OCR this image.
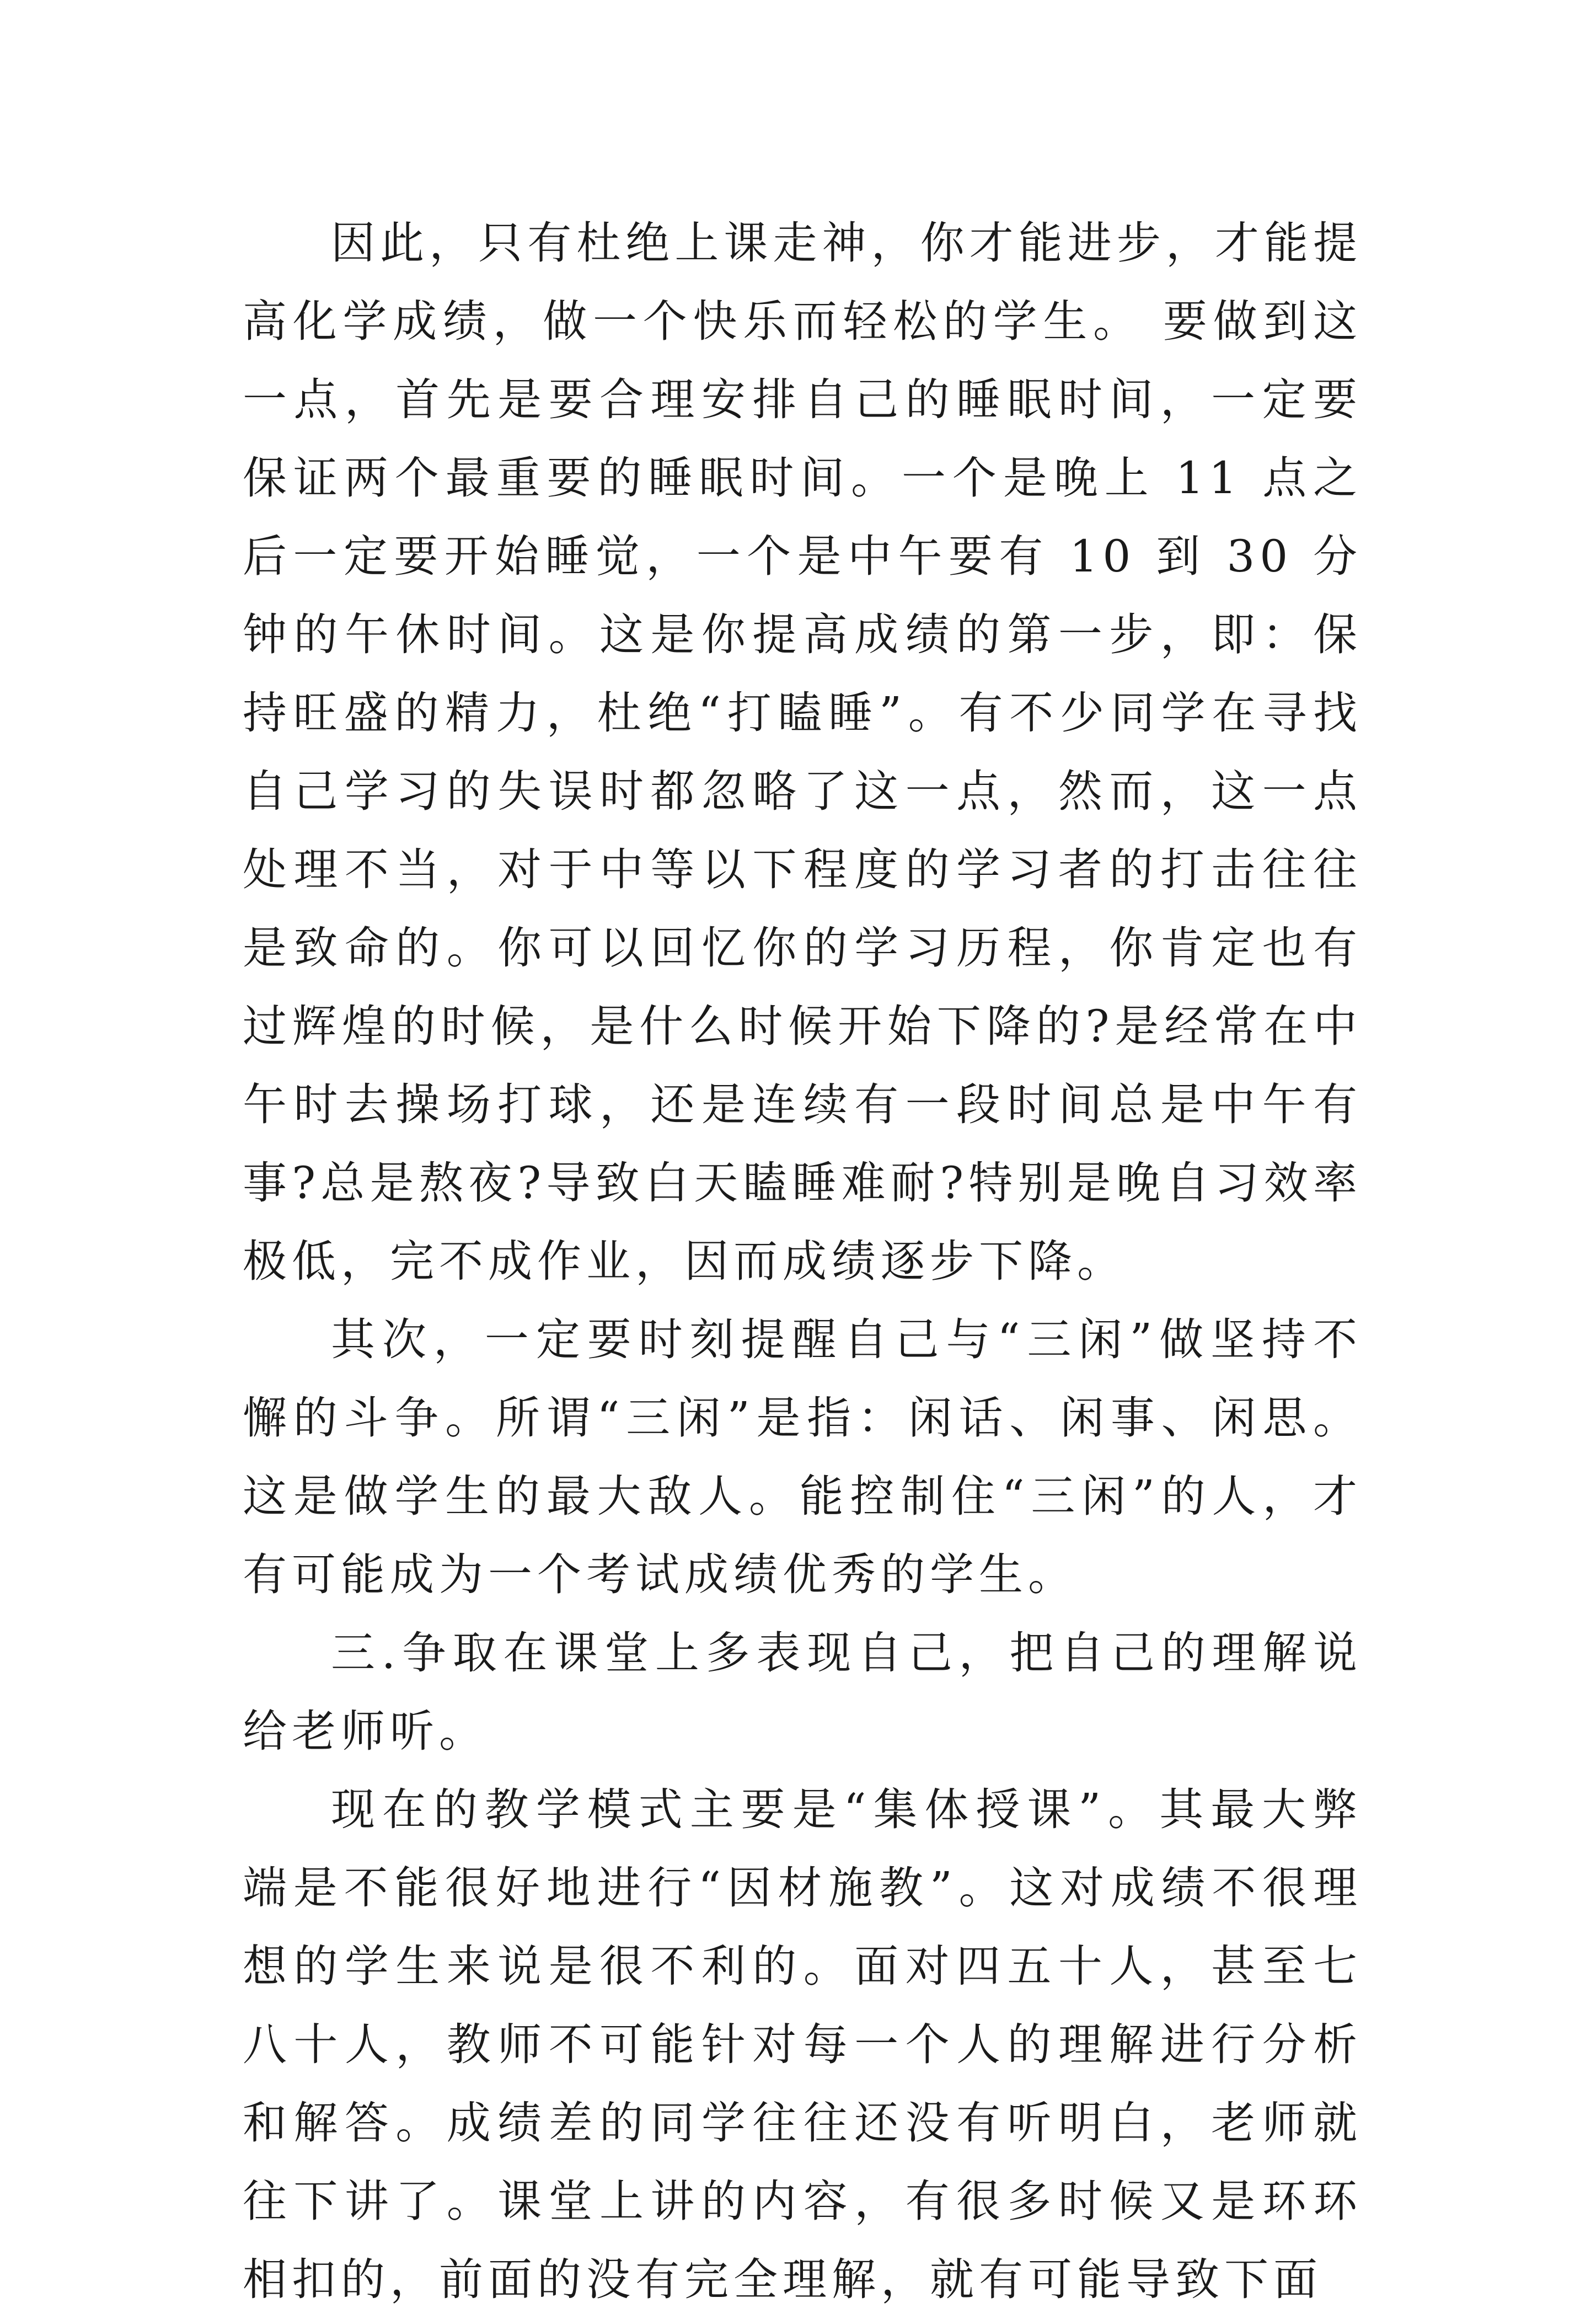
因此，只有杜绝上课走神，你才能进步，才能提高化学成绩，做一个快乐而轻松的学生。 要做到这一点，首先是要合理安排自己的睡眠时间，一定要保证两个最重要的睡眠时间。一个是晚上 11 点之后一定要开始睡觉，一个是中午要有 10 到 30 分钟的午休时间。这是你提高成绩的第一步，即：保持旺盛的精力，杜绝“打瞌睡”。有不少同学在寻找自己学习的失误时都忽略了这一点，然而，这一点处理不当，对于中等以下程度的学习者的打击往往是致命的。你可以回忆你的学习历程，你肯定也有过辉煌的时候，是什么时候开始下降的?是经常在中午时去操场打球，还是连续有一段时间总是中午有事?总是熬夜?导致白天瞌睡难耐?特别是晚自习效率极低，完不成作业，因而成绩逐步下降。

其次，一定要时刻提醒自己与“三闲”做坚持不懈的斗争。所谓“三闲”是指：闲话、闲事、闲思。这是做学生的最大敌人。能控制住“三闲”的人，才有可能成为一个考试成绩优秀的学生。

三.争取在课堂上多表现自己，把自己的理解说给老师听。

现在的教学模式主要是“集体授课”。其最大弊端是不能很好地进行“因材施教”。这对成绩不很理想的学生来说是很不利的。面对四五十人，甚至七八十人，教师不可能针对每一个人的理解进行分析和解答。成绩差的同学往往还没有听明白，老师就往下讲了。课堂上讲的内容，有很多时候又是环环相扣的，前面的没有完全理解，就有可能导致下面
